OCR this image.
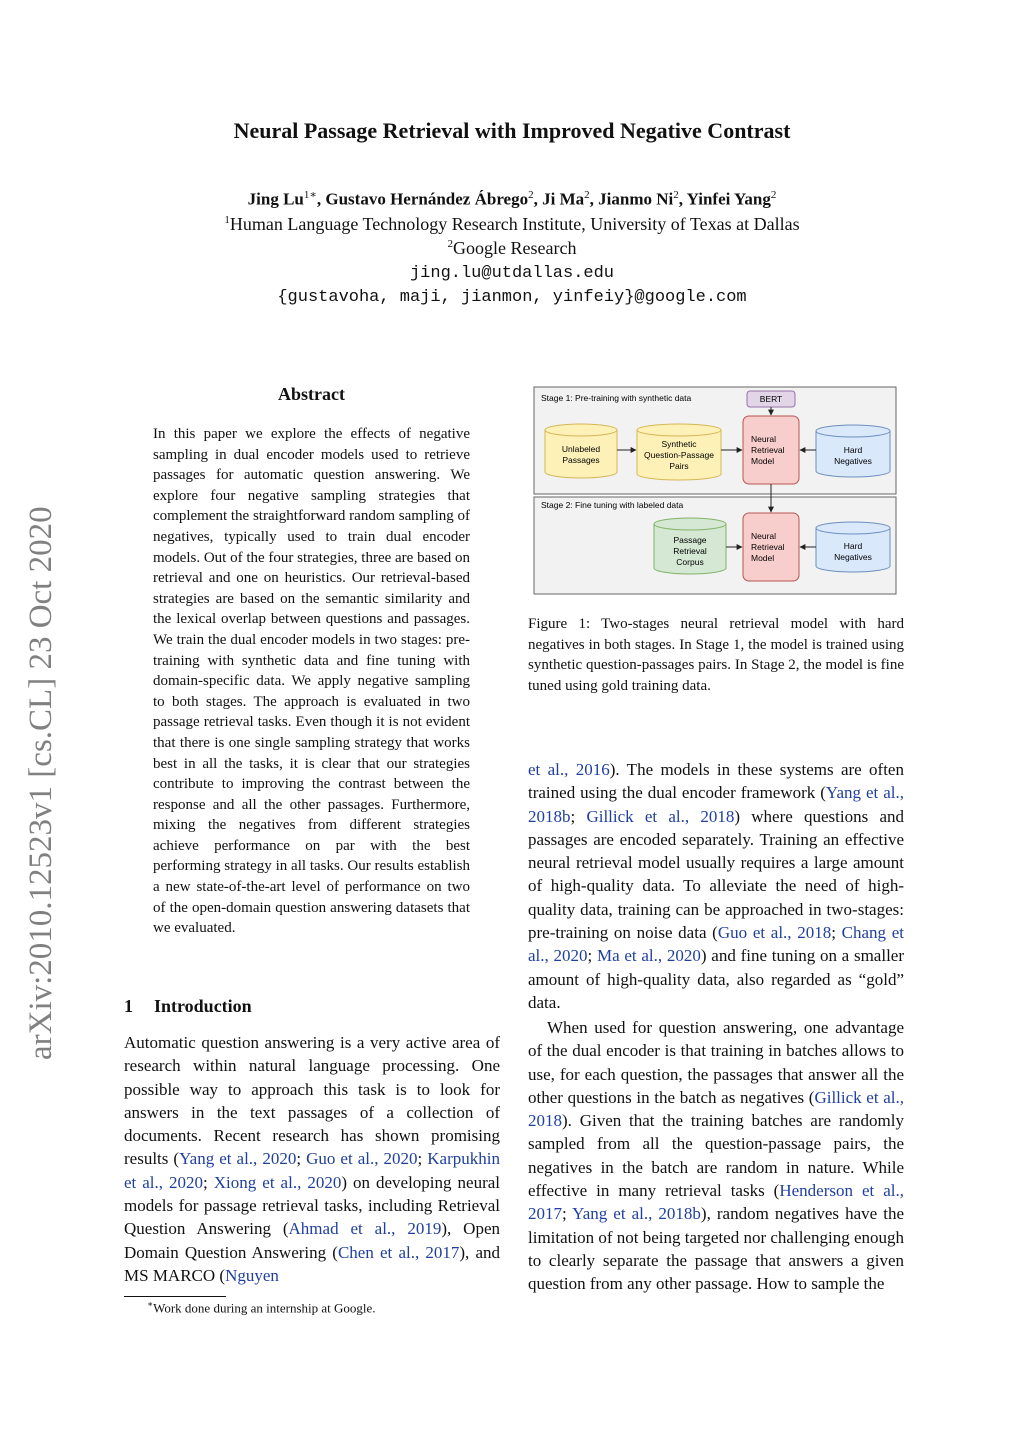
Neural Passage Retrieval with Improved Negative Contrast
Jing $Lu^{1∗}$, Gustavo Hernández Ábrego$^2$, Ji Ma$^2$, Jianmo Ni$^2$, Yinfei Yang$^2$
$^1$Human Language Technology Research Institute, University of Texas at Dallas
$^2$Google Research
jing.lu@utdallas.edu
{gustavoha, maji, jianmon, yinfeiy}@google.com
arXiv:2010.12523v1 [cs.CL] 23 Oct 2020
Abstract
In this paper we explore the effects of negative sampling in dual encoder models used to retrieve passages for automatic question answering. We explore four negative sampling strategies that complement the straightforward random sampling of negatives, typically used to train dual encoder models. Out of the four strategies, three are based on retrieval and one on heuristics. Our retrieval-based strategies are based on the semantic similarity and the lexical overlap between questions and passages. We train the dual encoder models in two stages: pre-training with synthetic data and fine tuning with domain-specific data. We apply negative sampling to both stages. The approach is evaluated in two passage retrieval tasks. Even though it is not evident that there is one single sampling strategy that works best in all the tasks, it is clear that our strategies contribute to improving the contrast between the response and all the other passages. Furthermore, mixing the negatives from different strategies achieve performance on par with the best performing strategy in all tasks. Our results establish a new state-of-the-art level of performance on two of the open-domain question answering datasets that we evaluated.
1 Introduction
Automatic question answering is a very active area of research within natural language processing. One possible way to approach this task is to look for answers in the text passages of a collection of documents. Recent research has shown promising results (Yang et al., 2020; Guo et al., 2020; Karpukhin et al., 2020; Xiong et al., 2020) on developing neural models for passage retrieval tasks, including Retrieval Question Answering (Ahmad et al., 2019), Open Domain Question Answering (Chen et al., 2017), and MS MARCO (Nguyen
et al., 2016). The models in these systems are often trained using the dual encoder framework (Yang et al., 2018b; Gillick et al., 2018) where questions and passages are encoded separately. Training an effective neural retrieval model usually requires a large amount of high-quality data. To alleviate the need of high-quality data, training can be approached in two-stages: pre-training on noise data (Guo et al., 2018; Chang et al., 2020; Ma et al., 2020) and fine tuning on a smaller amount of high-quality data, also regarded as “gold” data.
When used for question answering, one advantage of the dual encoder is that training in batches allows to use, for each question, the passages that answer all the other questions in the batch as negatives (Gillick et al., 2018). Given that the training batches are randomly sampled from all the question-passage pairs, the negatives in the batch are random in nature. While effective in many retrieval tasks (Henderson et al., 2017; Yang et al., 2018b), random negatives have the limitation of not being targeted nor challenging enough to clearly separate the passage that answers a given question from any other passage. How to sample the
∗Work done during an internship at Google.
Stage 1: Pre-training with synthetic data
Stage 2: Fine tuning with labeled data
BERT
Unlabeled
Passages
Synthetic
Question-Passage
Pairs
Neural
Retrieval
Model
Hard
Negatives
Passage
Retrieval
Corpus
Neural
Retrieval
Model
Hard
Negatives
Figure 1: Two-stages neural retrieval model with hard negatives in both stages. In Stage 1, the model is trained using synthetic question-passages pairs. In Stage 2, the model is fine tuned using gold training data.
